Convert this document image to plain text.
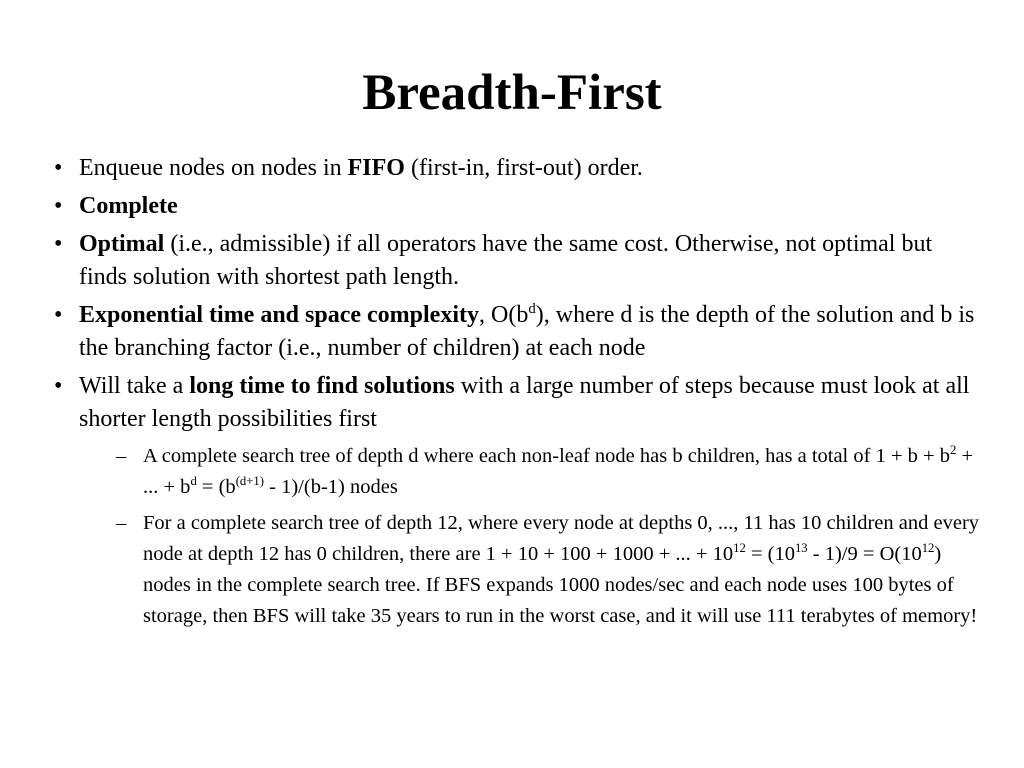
Breadth-First
• Enqueue nodes on nodes in FIFO (first-in, first-out) order.
• Complete
• Optimal (i.e., admissible) if all operators have the same cost. Otherwise, not optimal but finds solution with shortest path length.
• Exponential time and space complexity, $O(b^d)$, where d is the depth of the solution and b is the branching factor (i.e., number of children) at each node
• Will take a long time to find solutions with a large number of steps because must look at all shorter length possibilities first
– A complete search tree of depth d where each non-leaf node has b children, has a total of $1 + b + b^2$ + ... + $b^d = (b^{(d+1)} - 1)/(b-1)$ nodes
– For a complete search tree of depth 12, where every node at depths 0, ..., 11 has 10 children and every node at depth 12 has 0 children, there are 1 + 10 + 100 + 1000 + ... + $10^{12} = (10^{13} - 1)/9 = O(10^{12})$ nodes in the complete search tree. If BFS expands 1000 nodes/sec and each node uses 100 bytes of storage, then BFS will take 35 years to run in the worst case, and it will use 111 terabytes of memory!
